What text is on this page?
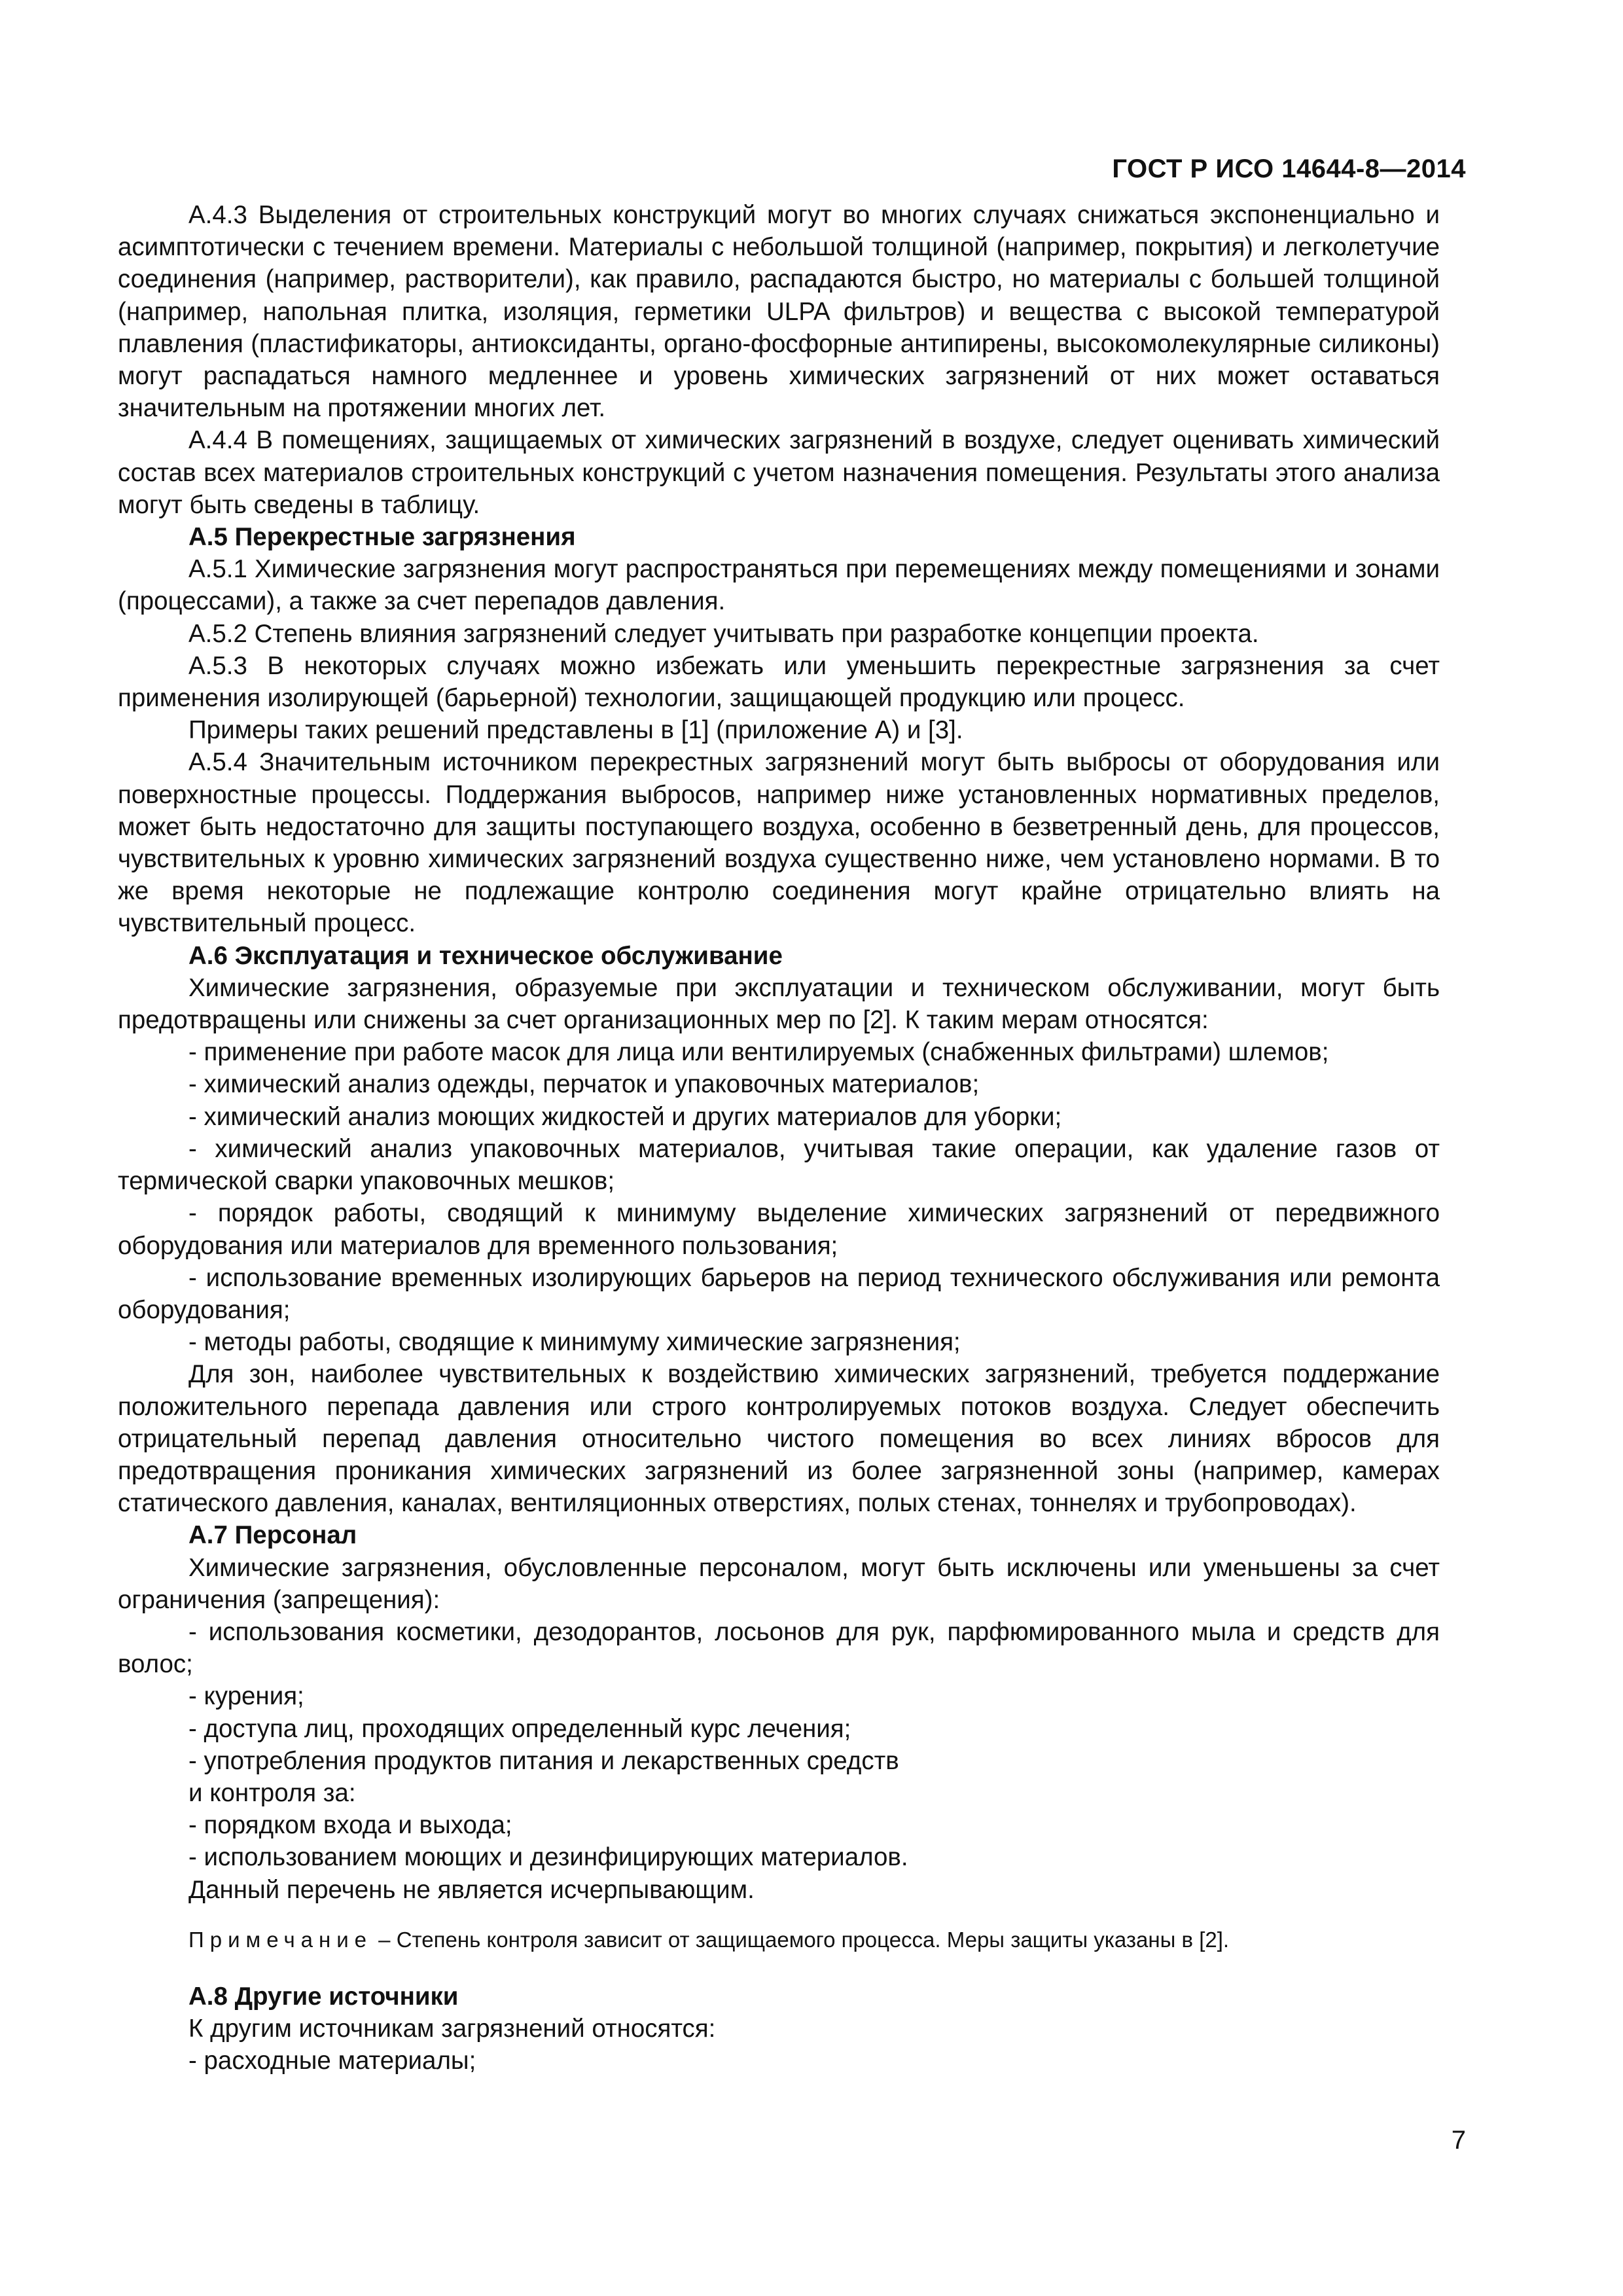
ГОСТ Р ИСО 14644-8—2014

А.4.3 Выделения от строительных конструкций могут во многих случаях снижаться экспоненциально и асимптотически с течением времени. Материалы с небольшой толщиной (например, покрытия) и легколетучие соединения (например, растворители), как правило, распадаются быстро, но материалы с большей толщиной (например, напольная плитка, изоляция, герметики ULPA фильтров) и вещества с высокой температурой плавления (пластификаторы, антиоксиданты, органо-фосфорные антипирены, высокомолекулярные силиконы) могут распадаться намного медленнее и уровень химических загрязнений от них может оставаться значительным на протяжении многих лет.

А.4.4 В помещениях, защищаемых от химических загрязнений в воздухе, следует оценивать химический состав всех материалов строительных конструкций с учетом назначения помещения. Результаты этого анализа могут быть сведены в таблицу.

А.5 Перекрестные загрязнения

А.5.1 Химические загрязнения могут распространяться при перемещениях между помещениями и зонами (процессами), а также за счет перепадов давления.

А.5.2 Степень влияния загрязнений следует учитывать при разработке концепции проекта.

А.5.3 В некоторых случаях можно избежать или уменьшить перекрестные загрязнения за счет применения изолирующей (барьерной) технологии, защищающей продукцию или процесс.

Примеры таких решений представлены в [1] (приложение А) и [3].

А.5.4 Значительным источником перекрестных загрязнений могут быть выбросы от оборудования или поверхностные процессы. Поддержания выбросов, например ниже установленных нормативных пределов, может быть недостаточно для защиты поступающего воздуха, особенно в безветренный день, для процессов, чувствительных к уровню химических загрязнений воздуха существенно ниже, чем установлено нормами. В то же время некоторые не подлежащие контролю соединения могут крайне отрицательно влиять на чувствительный процесс.

А.6 Эксплуатация и техническое обслуживание

Химические загрязнения, образуемые при эксплуатации и техническом обслуживании, могут быть предотвращены или снижены за счет организационных мер по [2]. К таким мерам относятся:

- применение при работе масок для лица или вентилируемых (снабженных фильтрами) шлемов;

- химический анализ одежды, перчаток и упаковочных материалов;

- химический анализ моющих жидкостей и других материалов для уборки;

- химический анализ упаковочных материалов, учитывая такие операции, как удаление газов от термической сварки упаковочных мешков;

- порядок работы, сводящий к минимуму выделение химических загрязнений от передвижного оборудования или материалов для временного пользования;

- использование временных изолирующих барьеров на период технического обслуживания или ремонта оборудования;

- методы работы, сводящие к минимуму химические загрязнения;

Для зон, наиболее чувствительных к воздействию химических загрязнений, требуется поддержание положительного перепада давления или строго контролируемых потоков воздуха. Следует обеспечить отрицательный перепад давления относительно чистого помещения во всех линиях вбросов для предотвращения проникания химических загрязнений из более загрязненной зоны (например, камерах статического давления, каналах, вентиляционных отверстиях, полых стенах, тоннелях и трубопроводах).

А.7 Персонал

Химические загрязнения, обусловленные персоналом, могут быть исключены или уменьшены за счет ограничения (запрещения):

- использования косметики, дезодорантов, лосьонов для рук, парфюмированного мыла и средств для волос;

- курения;

- доступа лиц, проходящих определенный курс лечения;

- употребления продуктов питания и лекарственных средств

и контроля за:

- порядком входа и выхода;

- использованием моющих и дезинфицирующих материалов.

Данный перечень не является исчерпывающим.

Примечание – Степень контроля зависит от защищаемого процесса. Меры защиты указаны в [2].

А.8 Другие источники

К другим источникам загрязнений относятся:

- расходные материалы;

7
